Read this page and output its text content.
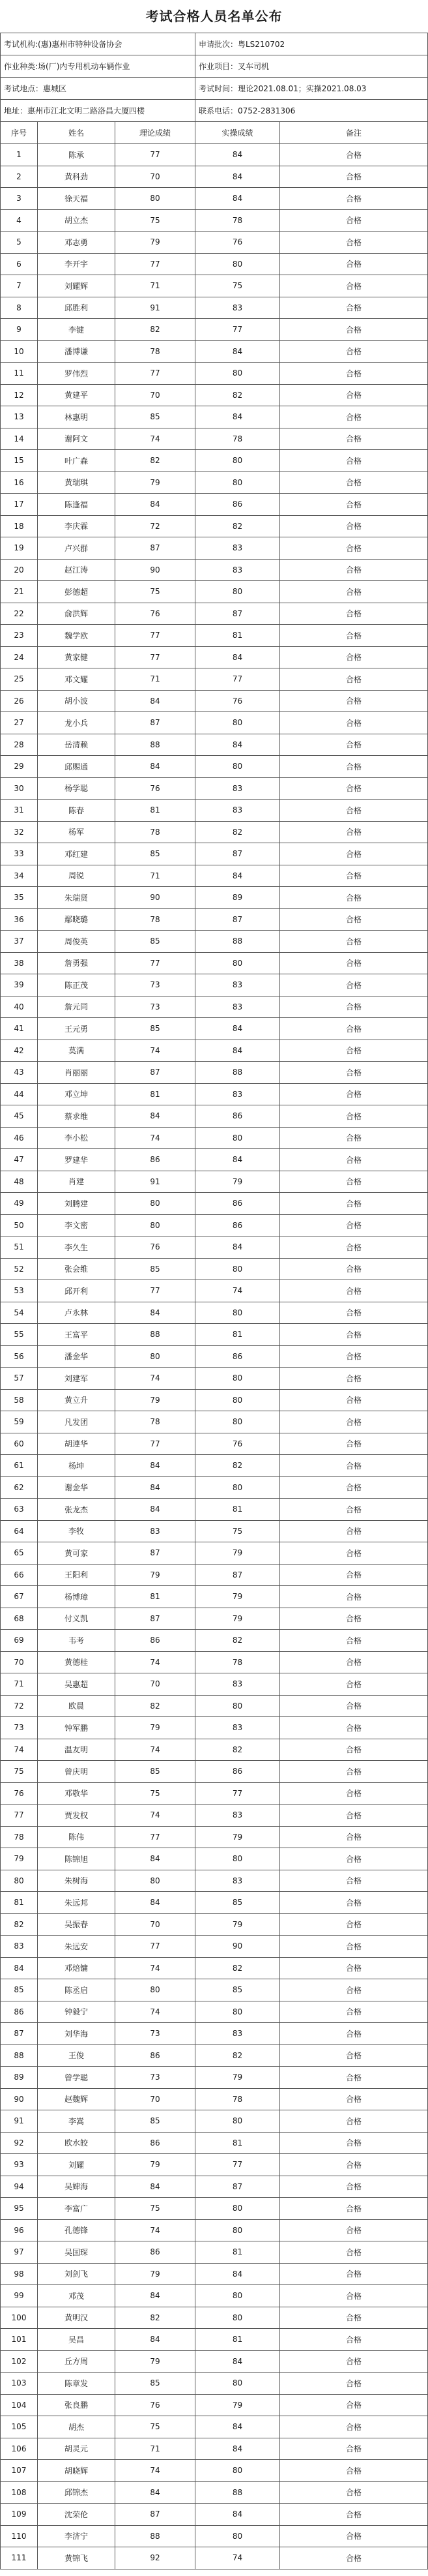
考试合格人员名单公布
考试机构:(惠)惠州市特种设备协会	申请批次：粤LS210702
作业种类:场(厂)内专用机动车辆作业	作业项目：叉车司机
考试地点：惠城区	考试时间：理论2021.08.01；实操2021.08.03
地址：惠州市江北文明二路洛昌大厦四楼	联系电话：0752-2831306
序号	姓名	理论成绩	实操成绩	备注
1	陈承	77	84	合格
2	黄科劲	70	84	合格
3	徐天福	80	84	合格
4	胡立杰	75	78	合格
5	邓志勇	79	76	合格
6	李开宇	77	80	合格
7	刘耀辉	71	75	合格
8	邱胜利	91	83	合格
9	李键	82	77	合格
10	潘博谦	78	84	合格
11	罗伟烈	77	80	合格
12	黄建平	70	82	合格
13	林惠明	85	84	合格
14	谢阿文	74	78	合格
15	叶广森	82	80	合格
16	黄瑞琪	79	80	合格
17	陈逢福	84	86	合格
18	李庆霖	72	82	合格
19	卢兴群	87	83	合格
20	赵江涛	90	83	合格
21	彭德超	75	80	合格
22	俞洪辉	76	87	合格
23	魏学欧	77	81	合格
24	黄家健	77	84	合格
25	邓文耀	71	77	合格
26	胡小波	84	76	合格
27	龙小兵	87	80	合格
28	岳清赖	88	84	合格
29	邱赐通	84	80	合格
30	杨学聪	76	83	合格
31	陈春	81	83	合格
32	杨军	78	82	合格
33	邓红建	85	87	合格
34	周锐	71	84	合格
35	朱瑞贤	90	89	合格
36	鄢晓璐	78	87	合格
37	周俊英	85	88	合格
38	詹勇强	77	80	合格
39	陈正茂	73	83	合格
40	詹元同	73	83	合格
41	王元勇	85	84	合格
42	莫满	74	84	合格
43	肖丽丽	87	88	合格
44	邓立坤	81	83	合格
45	蔡求维	84	86	合格
46	李小松	74	80	合格
47	罗建华	86	84	合格
48	肖建	91	79	合格
49	刘腾建	80	86	合格
50	李文密	80	86	合格
51	李久生	76	84	合格
52	张会维	85	80	合格
53	邱开利	77	74	合格
54	卢永林	84	80	合格
55	王富平	88	81	合格
56	潘金华	80	86	合格
57	刘建军	74	80	合格
58	黄立升	79	80	合格
59	凡发团	78	80	合格
60	胡連华	77	76	合格
61	杨坤	84	82	合格
62	谢金华	84	80	合格
63	张龙杰	84	81	合格
64	李牧	83	75	合格
65	黄可家	87	79	合格
66	王阳利	79	87	合格
67	杨博璋	81	79	合格
68	付义凯	87	79	合格
69	韦考	86	82	合格
70	黄德桂	74	78	合格
71	吴惠超	70	83	合格
72	欧晨	82	80	合格
73	钟军鹏	79	83	合格
74	温友明	74	82	合格
75	曾庆明	85	86	合格
76	邓敬华	75	77	合格
77	贾发权	74	83	合格
78	陈伟	77	79	合格
79	陈锦旭	84	80	合格
80	朱树海	80	83	合格
81	朱远邦	84	85	合格
82	吴振春	70	79	合格
83	朱远安	77	90	合格
84	邓焙镛	74	82	合格
85	陈丞启	80	85	合格
86	钟毅宁	74	80	合格
87	刘华海	73	83	合格
88	王俊	86	82	合格
89	曾学聪	73	79	合格
90	赵魏辉	70	78	合格
91	李嵩	85	80	合格
92	欧水皎	86	81	合格
93	刘耀	79	77	合格
94	吴婢海	84	87	合格
95	李富广	75	80	合格
96	孔德锋	74	80	合格
97	吴国琛	86	81	合格
98	刘剑飞	79	84	合格
99	邓茂	84	80	合格
100	黄明汉	82	80	合格
101	吴昌	84	81	合格
102	丘方周	79	84	合格
103	陈章发	85	80	合格
104	张良鹏	76	79	合格
105	胡杰	75	84	合格
106	胡灵元	71	84	合格
107	胡晓辉	74	80	合格
108	邱锦杰	84	88	合格
109	沈荣伦	87	84	合格
110	李济宁	88	80	合格
111	黄锦飞	92	74	合格
